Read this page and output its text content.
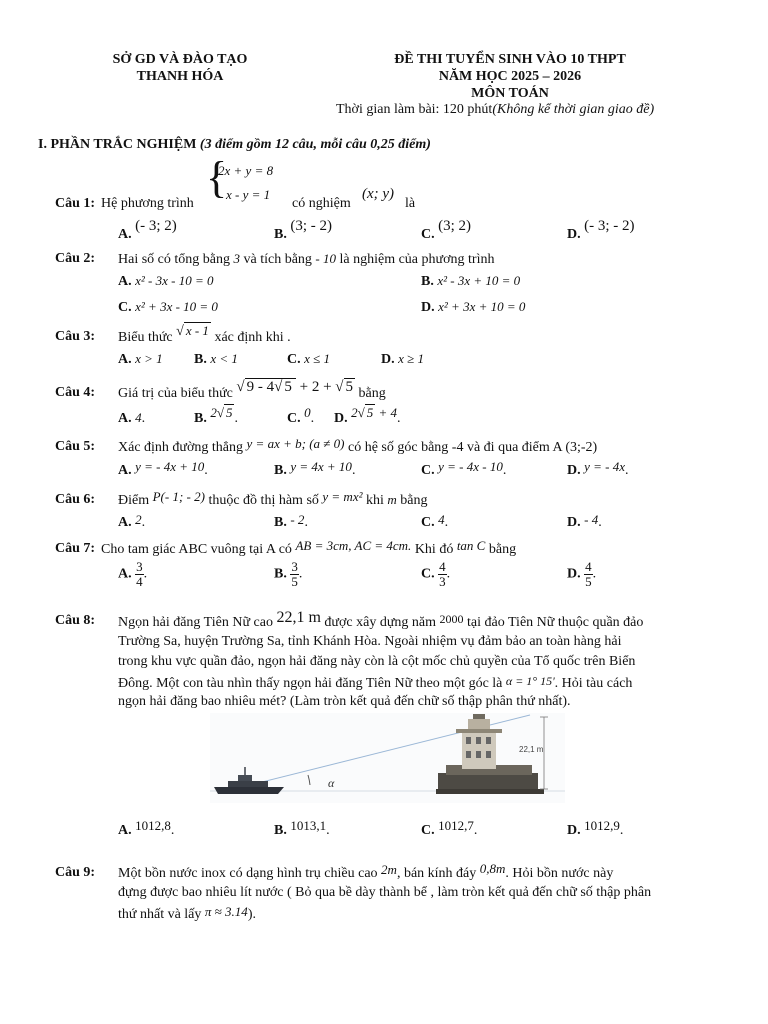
SỞ GD VÀ ĐÀO TẠO
THANH HÓA
ĐỀ THI TUYỂN SINH VÀO 10 THPT
NĂM HỌC 2025 – 2026
MÔN TOÁN
Thời gian làm bài: 120 phút(Không kể thời gian giao đề)
I. PHẦN TRẮC NGHIỆM (3 điểm gồm 12 câu, mỗi câu 0,25 điểm)
{
2x + y = 8
x - y = 1
Câu 1: Hệ phương trình	có nghiệm
(x; y)
là
A. (- 3; 2)
B. (3; - 2)
C. (3; 2)
D. (- 3; - 2)
Câu 2: Hai số có tổng bằng 3 và tích bằng - 10 là nghiệm của phương trình
A. x² - 3x - 10 = 0	B. x² - 3x + 10 = 0
C. x² + 3x - 10 = 0	D. x² + 3x + 10 = 0
Câu 3: Biểu thức √ x - 1 xác định khi .
A. x > 1 B. x < 1	C. x ≤ 1	D. x ≥ 1
Câu 4: Giá trị của biểu thức √ 9 - 4√ 5 + 2 + √ 5 bằng
A. 4.	B. 2√ 5 .	C. 0. D. 2√ 5 + 4.
Câu 5: Xác định đường thẳng y = ax + b; (a ≠ 0) có hệ số góc bằng -4 và đi qua điểm A (3;-2)
A. y = - 4x + 10.	B. y = 4x + 10.	C. y = - 4x - 10.	D. y = - 4x.
Câu 6: Điểm P(- 1; - 2) thuộc đồ thị hàm số y = mx² khi m bằng
A. 2.	B. - 2.	C. 4.	D. - 4.
Câu 7: Cho tam giác ABC vuông tại A có AB = 3cm, AC = 4cm. Khi đó tan C bằng
A. $\frac{3}{4}$ .	B. $\frac{3}{5}$ .	C. $\frac{4}{3}$ .	D. $\frac{4}{5}$ .
Câu 8: Ngọn hải đăng Tiên Nữ cao 22,1 m được xây dựng năm 2000 tại đảo Tiên Nữ thuộc quần đảo
Trường Sa, huyện Trường Sa, tỉnh Khánh Hòa. Ngoài nhiệm vụ đảm bảo an toàn hàng hải
trong khu vực quần đảo, ngọn hải đăng này còn là cột mốc chủ quyền của Tổ quốc trên Biển
Đông. Một con tàu nhìn thấy ngọn hải đăng Tiên Nữ theo một góc là α = 1° 15'. Hỏi tàu cách
ngọn hải đăng bao nhiêu mét? (Làm tròn kết quả đến chữ số thập phân thứ nhất).
α
22,1 m
A. 1012,8.	B. 1013,1.	C. 1012,7.	D. 1012,9.
Câu 9: Một bồn nước inox có dạng hình trụ chiều cao 2m, bán kính đáy 0,8m. Hỏi bồn nước này
đựng được bao nhiêu lít nước ( Bỏ qua bề dày thành bể , làm tròn kết quả đến chữ số thập phân
thứ nhất và lấy π ≈ 3.14).
